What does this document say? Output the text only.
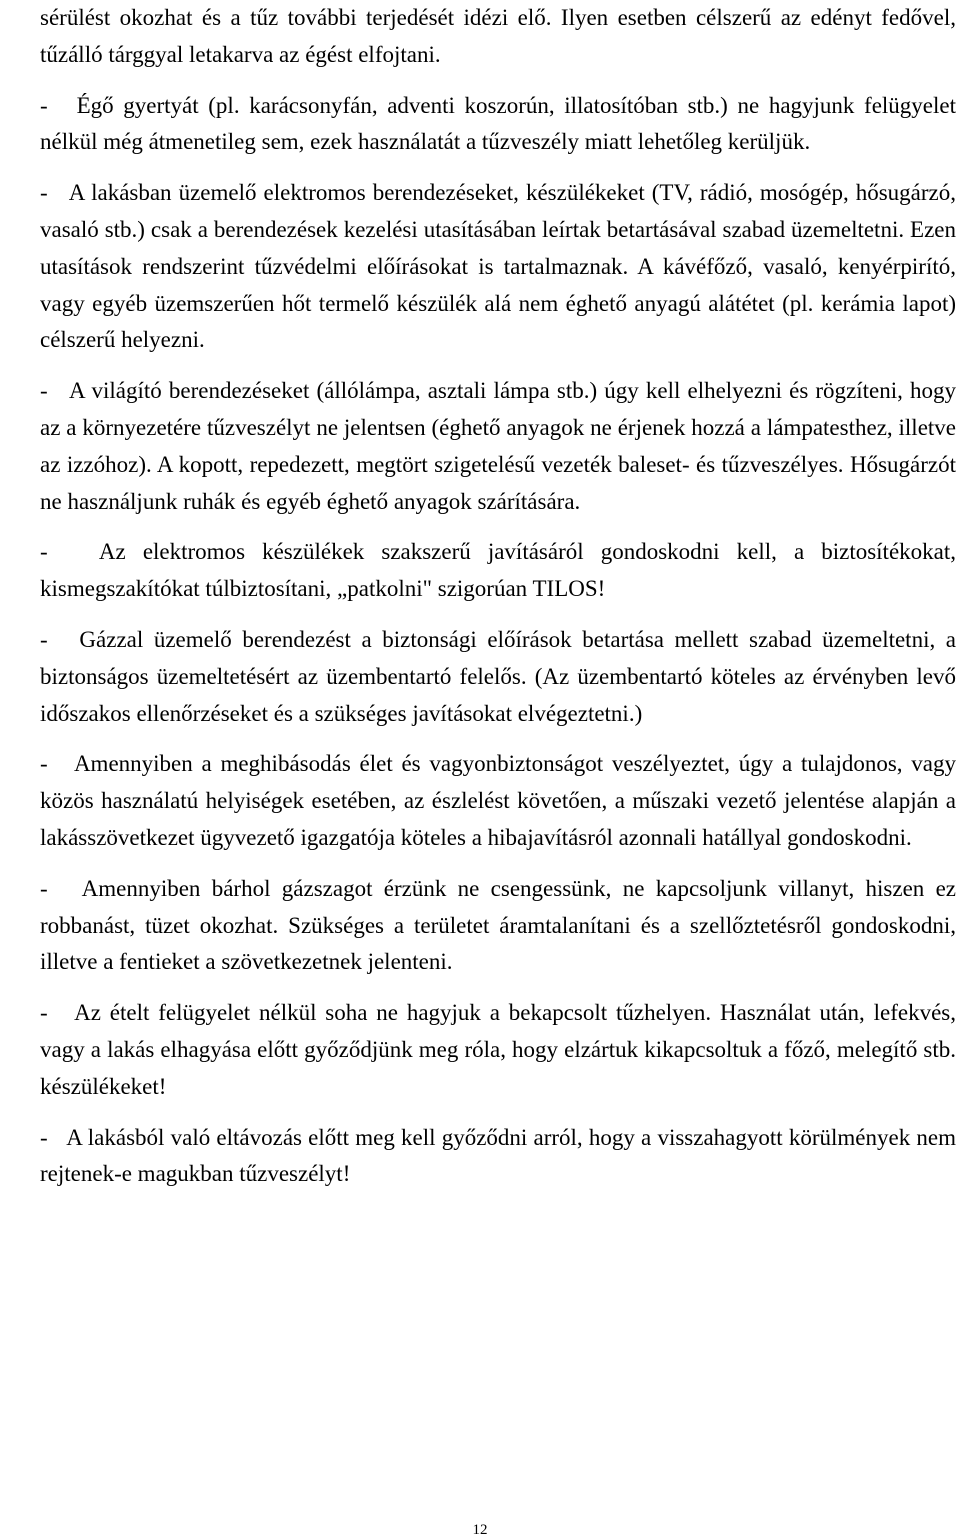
sérülést okozhat és a tűz további terjedését idézi elő. Ilyen esetben célszerű az edényt fedővel, tűzálló tárggyal letakarva az égést elfojtani.

- Égő gyertyát (pl. karácsonyfán, adventi koszorún, illatosítóban stb.) ne hagyjunk felügyelet nélkül még átmenetileg sem, ezek használatát a tűzveszély miatt lehetőleg kerüljük.

- A lakásban üzemelő elektromos berendezéseket, készülékeket (TV, rádió, mosógép, hősugárzó, vasaló stb.) csak a berendezések kezelési utasításában leírtak betartásával szabad üzemeltetni. Ezen utasítások rendszerint tűzvédelmi előírásokat is tartalmaznak. A kávéfőző, vasaló, kenyérpirító, vagy egyéb üzemszerűen hőt termelő készülék alá nem éghető anyagú alátétet (pl. kerámia lapot) célszerű helyezni.

- A világító berendezéseket (állólámpa, asztali lámpa stb.) úgy kell elhelyezni és rögzíteni, hogy az a környezetére tűzveszélyt ne jelentsen (éghető anyagok ne érjenek hozzá a lámpatesthez, illetve az izzóhoz). A kopott, repedezett, megtört szigetelésű vezeték baleset- és tűzveszélyes. Hősugárzót ne használjunk ruhák és egyéb éghető anyagok szárítására.

- Az elektromos készülékek szakszerű javításáról gondoskodni kell, a biztosítékokat, kismegszakítókat túlbiztosítani, „patkolni" szigorúan TILOS!

- Gázzal üzemelő berendezést a biztonsági előírások betartása mellett szabad üzemeltetni, a biztonságos üzemeltetésért az üzembentartó felelős. (Az üzembentartó köteles az érvényben levő időszakos ellenőrzéseket és a szükséges javításokat elvégeztetni.)

- Amennyiben a meghibásodás élet és vagyonbiztonságot veszélyeztet, úgy a tulajdonos, vagy közös használatú helyiségek esetében, az észlelést követően, a műszaki vezető jelentése alapján a lakásszövetkezet ügyvezető igazgatója köteles a hibajavításról azonnali hatállyal gondoskodni.

- Amennyiben bárhol gázszagot érzünk ne csengessünk, ne kapcsoljunk villanyt, hiszen ez robbanást, tüzet okozhat. Szükséges a területet áramtalanítani és a szellőztetésről gondoskodni, illetve a fentieket a szövetkezetnek jelenteni.

- Az ételt felügyelet nélkül soha ne hagyjuk a bekapcsolt tűzhelyen. Használat után, lefekvés, vagy a lakás elhagyása előtt győződjünk meg róla, hogy elzártuk kikapcsoltuk a főző, melegítő stb. készülékeket!

- A lakásból való eltávozás előtt meg kell győződni arról, hogy a visszahagyott körülmények nem rejtenek-e magukban tűzveszélyt!

12
